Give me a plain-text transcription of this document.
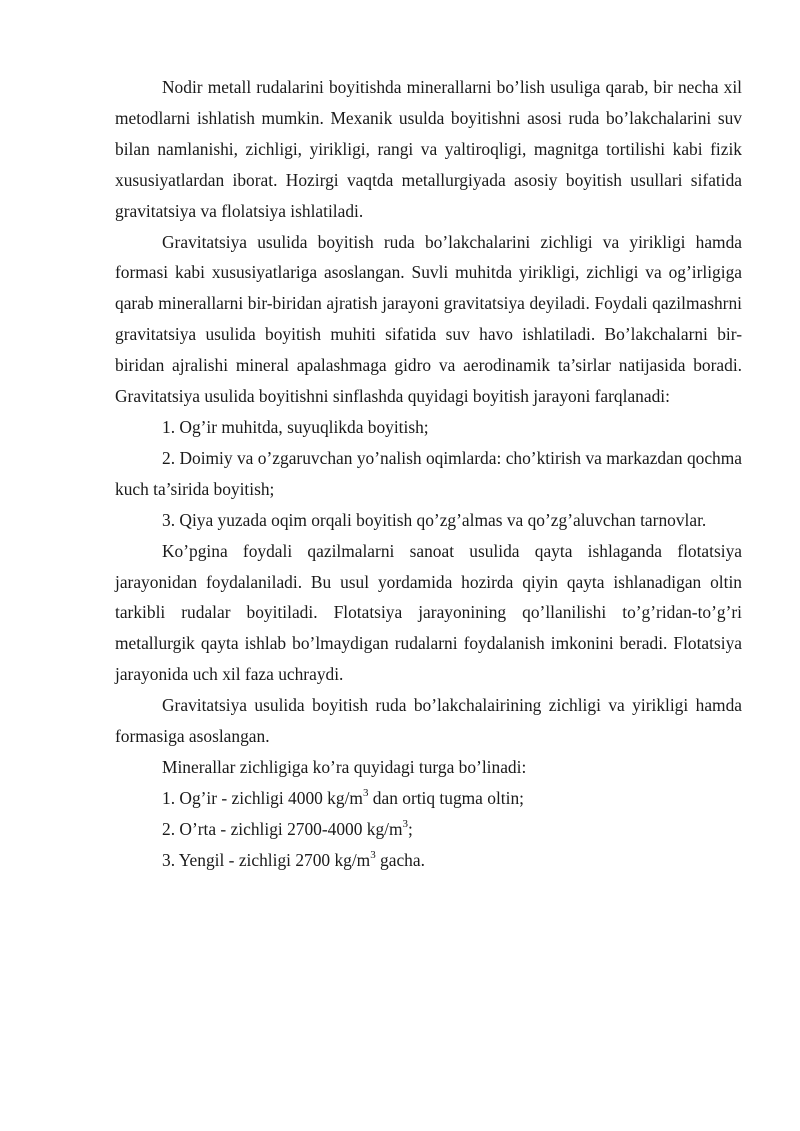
Nodir metall rudalarini boyitishda minerallarni bo’lish usuliga qarab, bir necha xil metodlarni ishlatish mumkin. Mexanik usulda boyitishni asosi ruda bo’lakchalarini suv bilan namlanishi, zichligi, yirikligi, rangi va yaltiroqligi, magnitga tortilishi kabi fizik xususiyatlardan iborat. Hozirgi vaqtda metallurgiyada asosiy boyitish usullari sifatida gravitatsiya va flolatsiya ishlatiladi.

Gravitatsiya usulida boyitish ruda bo’lakchalarini zichligi va yirikligi hamda formasi kabi xususiyatlariga asoslangan. Suvli muhitda yirikligi, zichligi va og’irligiga qarab minerallarni bir-biridan ajratish jarayoni gravitatsiya deyiladi. Foydali qazilmashrni gravitatsiya usulida boyitish muhiti sifatida suv havo ishlatiladi. Bo’lakchalarni bir-biridan ajralishi mineral apalashmaga gidro va aerodinamik ta’sirlar natijasida boradi. Gravitatsiya usulida boyitishni sinflashda quyidagi boyitish jarayoni farqlanadi:

1. Og’ir muhitda, suyuqlikda boyitish;

2. Doimiy va o’zgaruvchan yo’nalish oqimlarda: cho’ktirish va markazdan qochma kuch ta’sirida boyitish;

3. Qiya yuzada oqim orqali boyitish qo’zg’almas va qo’zg’aluvchan tarnovlar.

Ko’pgina foydali qazilmalarni sanoat usulida qayta ishlaganda flotatsiya jarayonidan foydalaniladi. Bu usul yordamida hozirda qiyin qayta ishlanadigan oltin tarkibli rudalar boyitiladi. Flotatsiya jarayonining qo’llanilishi to’g’ridan-to’g’ri metallurgik qayta ishlab bo’lmaydigan rudalarni foydalanish imkonini beradi. Flotatsiya jarayonida uch xil faza uchraydi.

Gravitatsiya usulida boyitish ruda bo’lakchalairining zichligi va yirikligi hamda formasiga asoslangan.

Minerallar zichligiga ko’ra quyidagi turga bo’linadi:

1. Og’ir - zichligi 4000 $kg/m^3$ dan ortiq tugma oltin;

2. O’rta - zichligi 2700-4000 $kg/m^3$;

3. Yengil - zichligi 2700 $kg/m^3$ gacha.
